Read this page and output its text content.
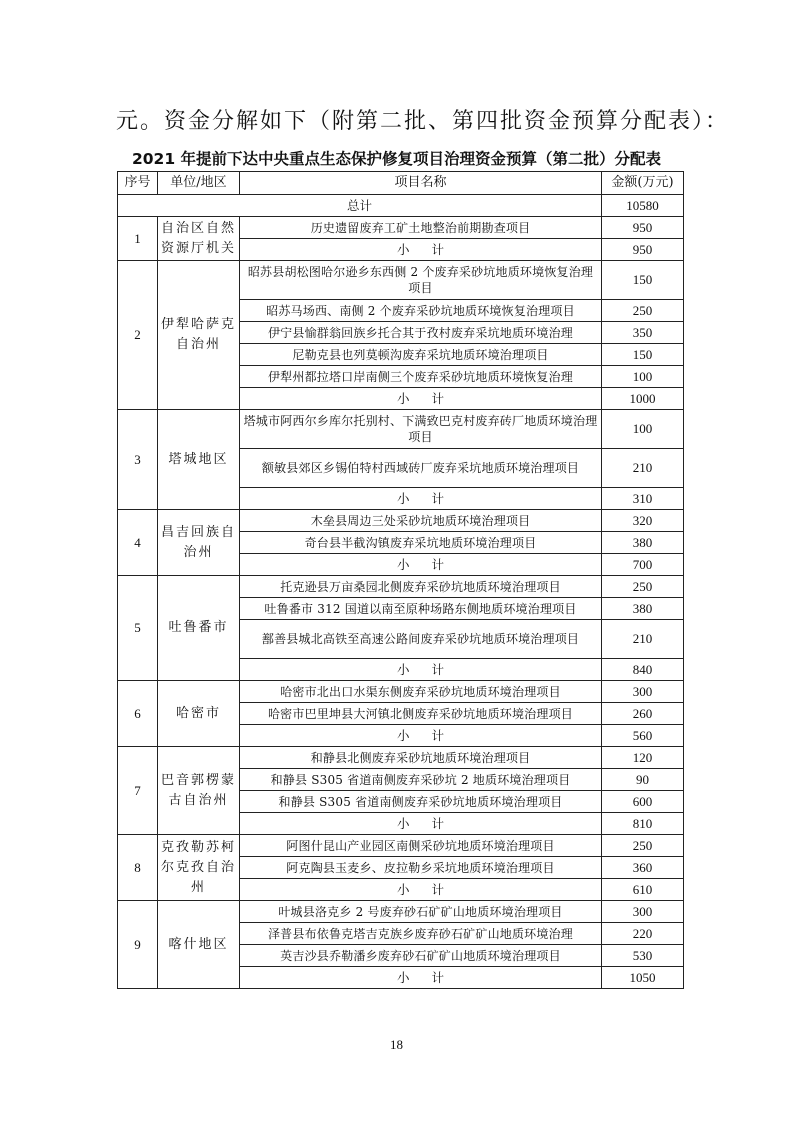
元。资金分解如下（附第二批、第四批资金预算分配表）：
2021 年提前下达中央重点生态保护修复项目治理资金预算（第二批）分配表
序号	单位/地区	项目名称	金额(万元)
总计			10580
1	自治区自然资源厅机关	历史遗留废弃工矿土地整治前期勘查项目	950
		小计	950
2	伊犁哈萨克自治州	昭苏县胡松图哈尔逊乡东西侧 2 个废弃采砂坑地质环境恢复治理项目	150
		昭苏马场西、南侧 2 个废弃采砂坑地质环境恢复治理项目	250
		伊宁县愉群翁回族乡托合其于孜村废弃采坑地质环境治理	350
		尼勒克县也列莫顿沟废弃采坑地质环境治理项目	150
		伊犁州都拉塔口岸南侧三个废弃采砂坑地质环境恢复治理	100
		小计	1000
3	塔城地区	塔城市阿西尔乡库尔托别村、下满致巴克村废弃砖厂地质环境治理项目	100
		额敏县郊区乡锡伯特村西域砖厂废弃采坑地质环境治理项目	210
		小计	310
4	昌吉回族自治州	木垒县周边三处采砂坑地质环境治理项目	320
		奇台县半截沟镇废弃采坑地质环境治理项目	380
		小计	700
5	吐鲁番市	托克逊县万亩桑园北侧废弃采砂坑地质环境治理项目	250
		吐鲁番市 312 国道以南至原种场路东侧地质环境治理项目	380
		鄯善县城北高铁至高速公路间废弃采砂坑地质环境治理项目	210
		小计	840
6	哈密市	哈密市北出口水渠东侧废弃采砂坑地质环境治理项目	300
		哈密市巴里坤县大河镇北侧废弃采砂坑地质环境治理项目	260
		小计	560
7	巴音郭楞蒙古自治州	和静县北侧废弃采砂坑地质环境治理项目	120
		和静县 S305 省道南侧废弃采砂坑 2 地质环境治理项目	90
		和静县 S305 省道南侧废弃采砂坑地质环境治理项目	600
		小计	810
8	克孜勒苏柯尔克孜自治州	阿图什昆山产业园区南侧采砂坑地质环境治理项目	250
		阿克陶县玉麦乡、皮拉勒乡采坑地质环境治理项目	360
		小计	610
9	喀什地区	叶城县洛克乡 2 号废弃砂石矿矿山地质环境治理项目	300
		泽普县布依鲁克塔吉克族乡废弃砂石矿矿山地质环境治理	220
		英吉沙县乔勒潘乡废弃砂石矿矿山地质环境治理项目	530
		小计	1050
18
